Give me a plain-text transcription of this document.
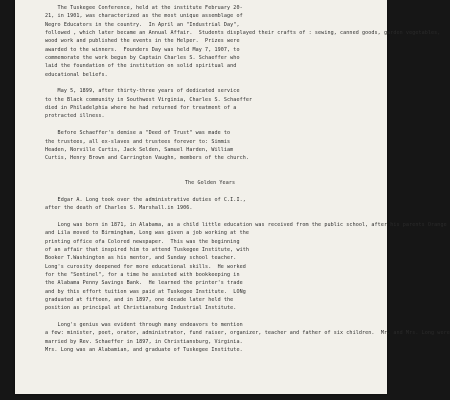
The Tuskegee Conference, held at the institute February 20-
21, in 1901, was characterized as the most unique assemblage of
Negro Educators in the country.  In April an "Industrial Day",
followed , which later became an Annual Affair.  Students displayed their crafts of : sewing, canned goods, garden vegetables,
wood work and published the events in the Helper.  Prizes were
awarded to the winners.  Founders Day was held May 7, 1907, to
commemorate the work begun by Captain Charles S. Schaeffer who
laid the foundation of the institution on solid spiritual and
educational beliefs.
May 5, 1899, after thirty-three years of dedicated service
to the Black community in Southwest Virginia, Charles S. Schaeffer
died in Philadelphia where he had returned for treatment of a
protracted illness.
Before Schaeffer's demise a "Deed of Trust" was made to
the trustees, all ex-slaves and trustees forever to: Simmis
Headen, Norville Curtis, Jack Selden, Samuel Harden, William
Curtis, Henry Brown and Carrington Vaughn, members of the church.
The Golden Years
Edgar A. Long took over the administrative duties of C.I.I.,
after the death of Charles S. Marshall.in 1906.
Long was born in 1871, in Alabama, as a child little education was received from the public school, after his parents Orange
and Lila moved to Birmingham, Long was given a job working at the
printing office ofa Colored newspaper.  This was the beginning
of an affair that inspired him to attend Tuskegee Institute, with
Booker T.Washington as his mentor, and Sunday school teacher.
Long's curosity deepened for more educational skills.  He worked
for the "Sentinel", for a time he assisted with bookkeeping in
the Alabama Penny Savings Bank.  He learned the printer's trade
and by this effort tuition was paid at Tuskegee Institute.  LONg
graduated at fifteen, and in 1897, one decade later held the
position as principal at Christiansburg Industrial Institute.
Long's genius was evident through many endeavors to mention
a few: minister, poet, orator, administrator, fund raiser, organizer, teacher and father of six children.  Mr. and Mrs. Long were
married by Rev. Schaeffer in 1897, in Christiansburg, Virginia.
Mrs. Long was an Alabamian, and graduate of Tuskegee Institute.
